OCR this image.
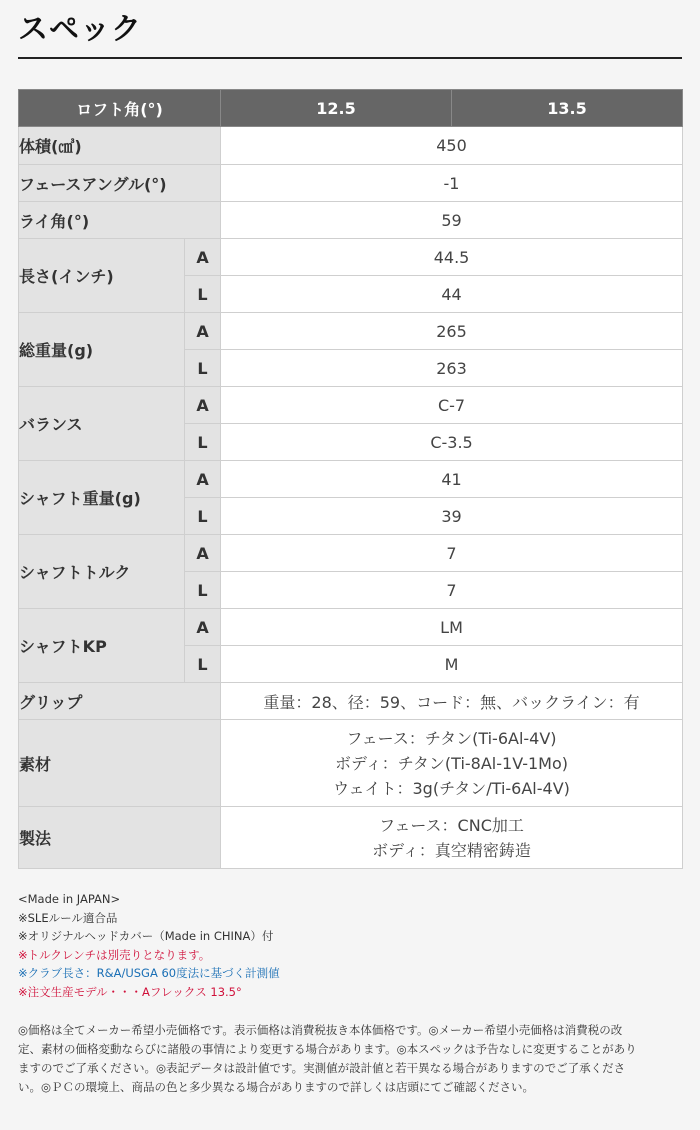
スペック
ロフト角(°)		12.5	13.5
体積(㎤)		450	
フェースアングル(°)		-1	
ライ角(°)		59	
長さ(インチ)	A	44.5	
	L	44	
総重量(g)	A	265	
	L	263	
バランス	A	C-7	
	L	C-3.5	
シャフト重量(g)	A	41	
	L	39	
シャフトトルク	A	7	
	L	7	
シャフトKP	A	LM	
	L	M	
グリップ		重量：28、径：59、コード：無、バックライン：有	
素材		フェース：チタン(Ti-6Al-4V)
ボディ：チタン(Ti-8Al-1V-1Mo)
ウェイト：3g(チタン/Ti-6Al-4V)	

製法		フェース：CNC加工
ボディ：真空精密鋳造	
<Made in JAPAN>
※SLEルール適合品
※オリジナルヘッドカバー（Made in CHINA）付
※トルクレンチは別売りとなります。
※クラブ長さ：R&A/USGA 60度法に基づく計測値
※注文生産モデル・・・Aフレックス 13.5°
◎価格は全てメーカー希望小売価格です。表示価格は消費税抜き本体価格です。◎メーカー希望小売価格は消費税の改
定、素材の価格変動ならびに諸般の事情により変更する場合があります。◎本スペックは予告なしに変更することがあり
ますのでご了承ください。◎表記データは設計値です。実測値が設計値と若干異なる場合がありますのでご了承くださ
い。◎ＰＣの環境上、商品の色と多少異なる場合がありますので詳しくは店頭にてご確認ください。
